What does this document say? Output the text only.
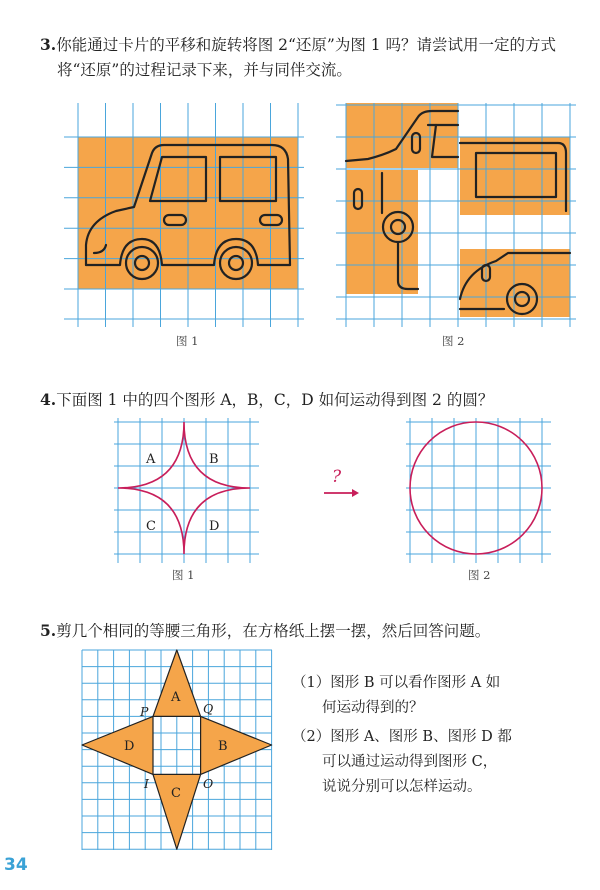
3.你能通过卡片的平移和旋转将图 2“还原”为图 1 吗？请尝试用一定的方式
将“还原”的过程记录下来，并与同伴交流。
图 1	图 2
4.下面图 1 中的四个图形 A，B，C，D 如何运动得到图 2 的圆？
A	B
C	D
图 1
?
图 2
5.剪几个相同的等腰三角形，在方格纸上摆一摆，然后回答问题。
A
B
C
D
P	Q
I	O
（1）图形 B 可以看作图形 A 如
何运动得到的？
（2）图形 A、图形 B、图形 D 都
可以通过运动得到图形 C，
说说分别可以怎样运动。
34
